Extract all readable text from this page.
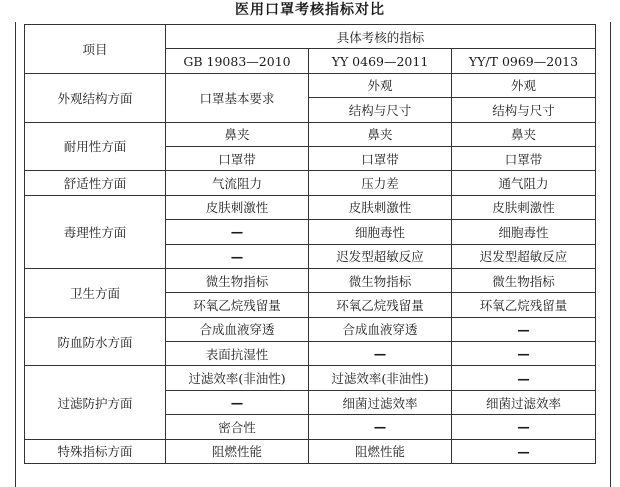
医用口罩考核指标对比
项目	具体考核的指标		
	GB 19083—2010	YY 0469—2011	YY/T 0969—2013
外观结构方面	口罩基本要求	外观	外观
		结构与尺寸	结构与尺寸
耐用性方面	鼻夹	鼻夹	鼻夹
	口罩带	口罩带	口罩带
舒适性方面	气流阻力	压力差	通气阻力
毒理性方面	皮肤刺激性	皮肤刺激性	皮肤刺激性
	—	细胞毒性	细胞毒性
	—	迟发型超敏反应	迟发型超敏反应
卫生方面	微生物指标	微生物指标	微生物指标
	环氧乙烷残留量	环氧乙烷残留量	环氧乙烷残留量
防血防水方面	合成血液穿透	合成血液穿透	—
	表面抗湿性	—	—
过滤防护方面	过滤效率(非油性)	过滤效率(非油性)	—
	—	细菌过滤效率	细菌过滤效率
	密合性	—	—
特殊指标方面	阻燃性能	阻燃性能	—
